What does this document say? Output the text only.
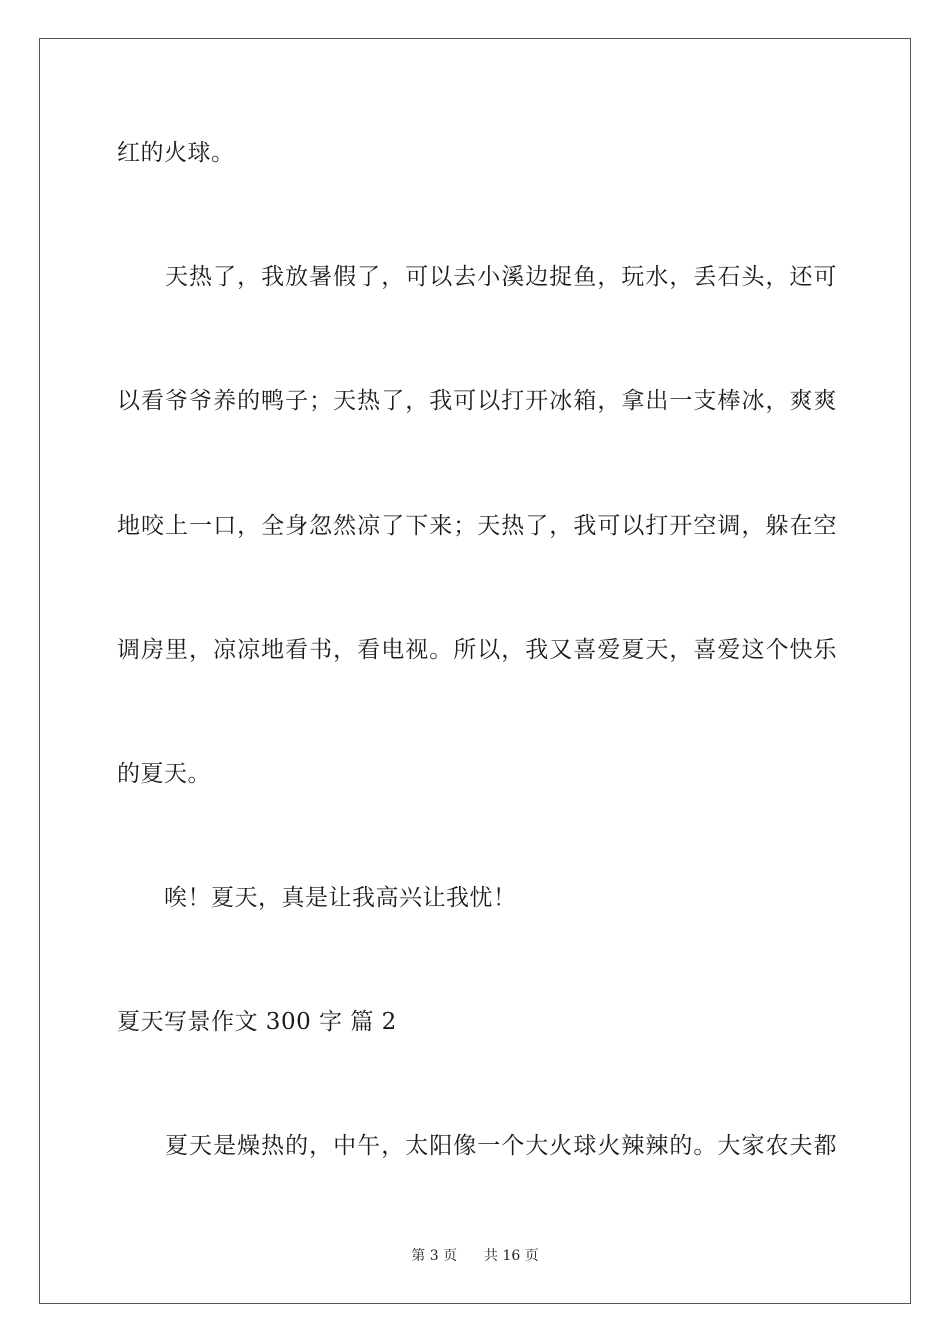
红的火球。
　　天热了，我放暑假了，可以去小溪边捉鱼，玩水，丢石头，还可
以看爷爷养的鸭子；天热了，我可以打开冰箱，拿出一支棒冰，爽爽
地咬上一口，全身忽然凉了下来；天热了，我可以打开空调，躲在空
调房里，凉凉地看书，看电视。所以，我又喜爱夏天，喜爱这个快乐
的夏天。
　　唉！夏天，真是让我高兴让我忧！
夏天写景作文 300 字 篇 2
　　夏天是燥热的，中午，太阳像一个大火球火辣辣的。大家农夫都
第 3 页 共 16 页
